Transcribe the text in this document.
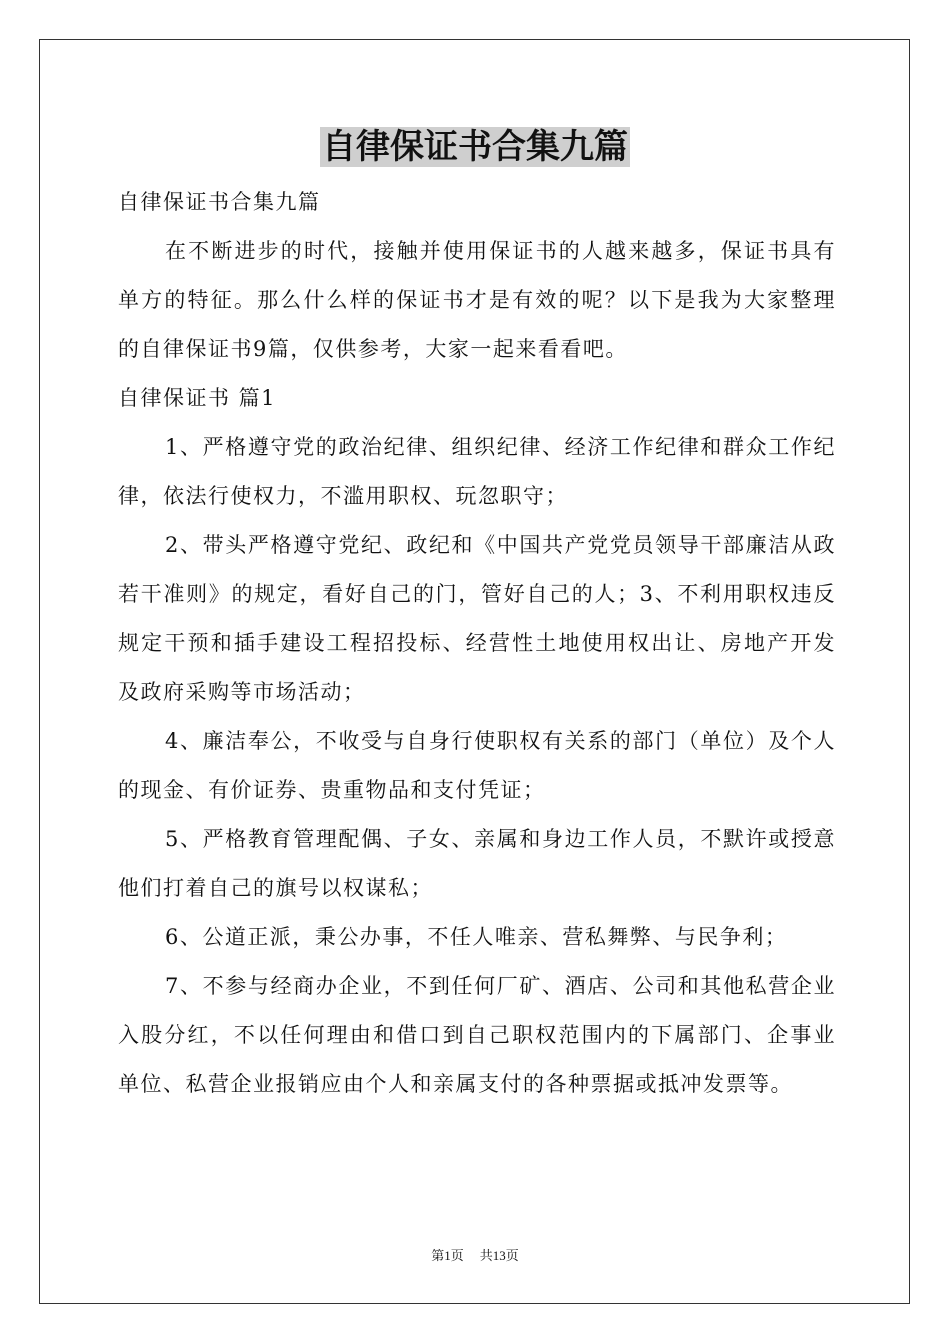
自律保证书合集九篇

自律保证书合集九篇

在不断进步的时代，接触并使用保证书的人越来越多，保证书具有单方的特征。那么什么样的保证书才是有效的呢？以下是我为大家整理的自律保证书9篇，仅供参考，大家一起来看看吧。

自律保证书 篇1

1、严格遵守党的政治纪律、组织纪律、经济工作纪律和群众工作纪律，依法行使权力，不滥用职权、玩忽职守；

2、带头严格遵守党纪、政纪和《中国共产党党员领导干部廉洁从政若干准则》的规定，看好自己的门，管好自己的人；3、不利用职权违反规定干预和插手建设工程招投标、经营性土地使用权出让、房地产开发及政府采购等市场活动；

4、廉洁奉公，不收受与自身行使职权有关系的部门（单位）及个人的现金、有价证券、贵重物品和支付凭证；

5、严格教育管理配偶、子女、亲属和身边工作人员，不默许或授意他们打着自己的旗号以权谋私；

6、公道正派，秉公办事，不任人唯亲、营私舞弊、与民争利；

7、不参与经商办企业，不到任何厂矿、酒店、公司和其他私营企业入股分红，不以任何理由和借口到自己职权范围内的下属部门、企事业单位、私营企业报销应由个人和亲属支付的各种票据或抵冲发票等。

第1页 共13页
